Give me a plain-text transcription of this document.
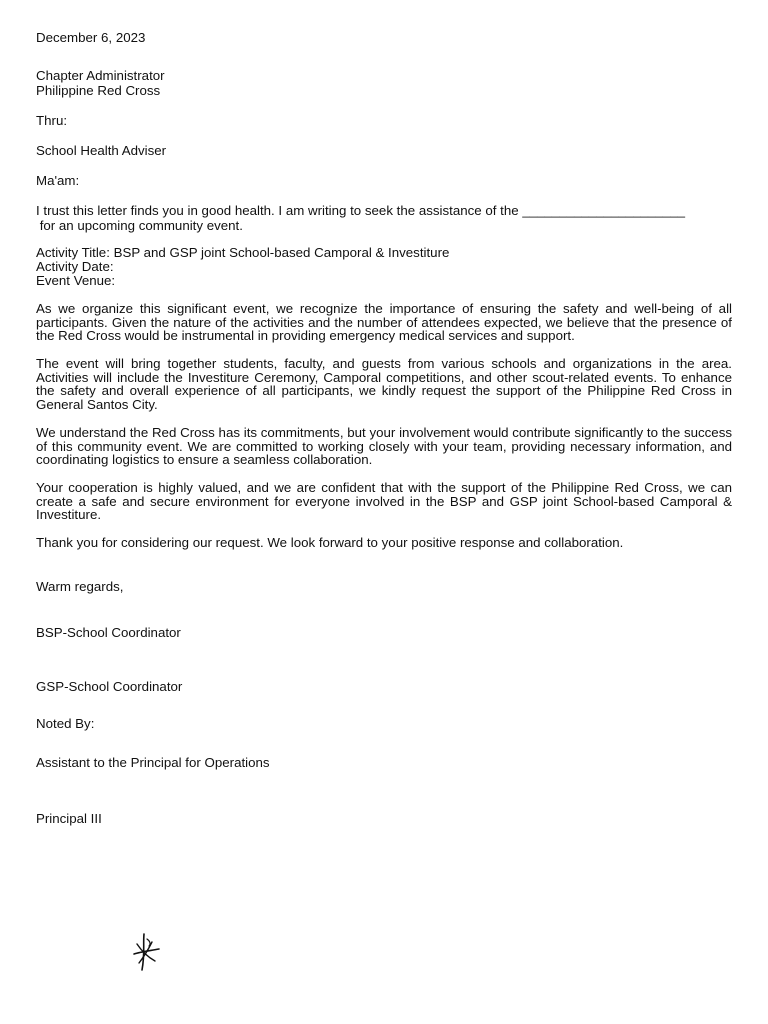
December 6, 2023
Chapter Administrator
Philippine Red Cross
Thru:
School Health Adviser
Ma'am:
I trust this letter finds you in good health. I am writing to seek the assistance of the ______________________
for an upcoming community event.
Activity Title: BSP and GSP joint School-based Camporal & Investiture
Activity Date:
Event Venue:

As we organize this significant event, we recognize the importance of ensuring the safety and well-being of all participants. Given the nature of the activities and the number of attendees expected, we believe that the presence of the Red Cross would be instrumental in providing emergency medical services and support.

The event will bring together students, faculty, and guests from various schools and organizations in the area. Activities will include the Investiture Ceremony, Camporal competitions, and other scout-related events. To enhance the safety and overall experience of all participants, we kindly request the support of the Philippine Red Cross in General Santos City.

We understand the Red Cross has its commitments, but your involvement would contribute significantly to the success of this community event. We are committed to working closely with your team, providing necessary information, and coordinating logistics to ensure a seamless collaboration.

Your cooperation is highly valued, and we are confident that with the support of the Philippine Red Cross, we can create a safe and secure environment for everyone involved in the BSP and GSP joint School-based Camporal & Investiture.

Thank you for considering our request. We look forward to your positive response and collaboration.
Warm regards,
BSP-School Coordinator
GSP-School Coordinator
Noted By:
Assistant to the Principal for Operations
Principal III
